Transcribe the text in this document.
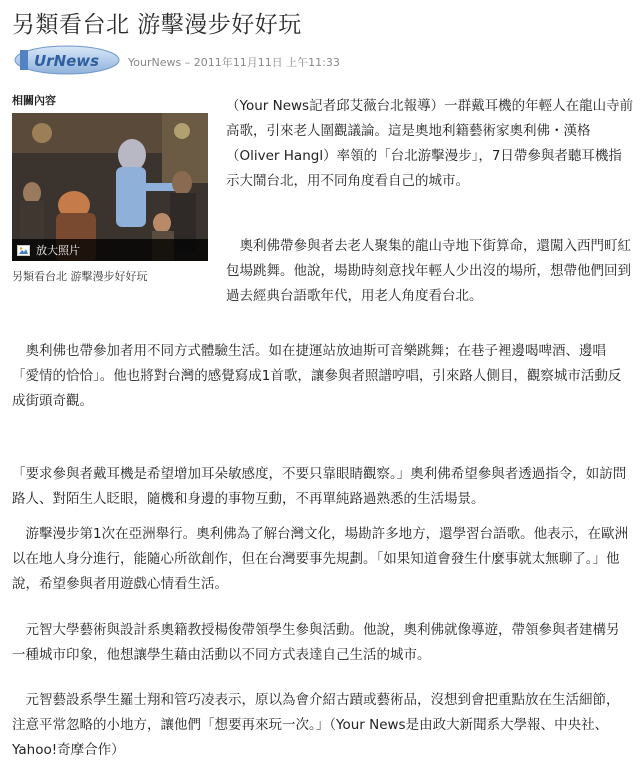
另類看台北 游擊漫步好好玩
UrNews	YourNews – 2011年11月11日 上午11:33
相關內容
放大照片
另類看台北 游擊漫步好好玩

（Your News記者邱艾薇台北報導）一群戴耳機的年輕人在龍山寺前高歌，引來老人圍觀議論。這是奧地利籍藝術家奧利佛・漢格（Oliver Hangl）率領的「台北游擊漫步」，7日帶參與者聽耳機指示大鬧台北，用不同角度看自己的城市。

奧利佛帶參與者去老人聚集的龍山寺地下街算命，還闖入西門町紅包場跳舞。他說，場勘時刻意找年輕人少出沒的場所，想帶他們回到過去經典台語歌年代，用老人角度看台北。

奧利佛也帶參加者用不同方式體驗生活。如在捷運站放迪斯可音樂跳舞；在巷子裡邊喝啤酒、邊唱「愛情的恰恰」。他也將對台灣的感覺寫成1首歌，讓參與者照譜哼唱，引來路人側目，觀察城市活動反成街頭奇觀。

「要求參與者戴耳機是希望增加耳朵敏感度，不要只靠眼睛觀察。」奧利佛希望參與者透過指令，如訪問路人、對陌生人眨眼，隨機和身邊的事物互動，不再單純路過熟悉的生活場景。

游擊漫步第1次在亞洲舉行。奧利佛為了解台灣文化，場勘許多地方，還學習台語歌。他表示，在歐洲以在地人身分進行，能隨心所欲創作，但在台灣要事先規劃。「如果知道會發生什麼事就太無聊了。」他說，希望參與者用遊戲心情看生活。

元智大學藝術與設計系奧籍教授楊俊帶領學生參與活動。他說，奧利佛就像導遊，帶領參與者建構另一種城市印象，他想讓學生藉由活動以不同方式表達自己生活的城市。

元智藝設系學生羅士翔和管巧凌表示，原以為會介紹古蹟或藝術品，沒想到會把重點放在生活細節，注意平常忽略的小地方，讓他們「想要再來玩一次。」（Your News是由政大新聞系大學報、中央社、Yahoo!奇摩合作）
